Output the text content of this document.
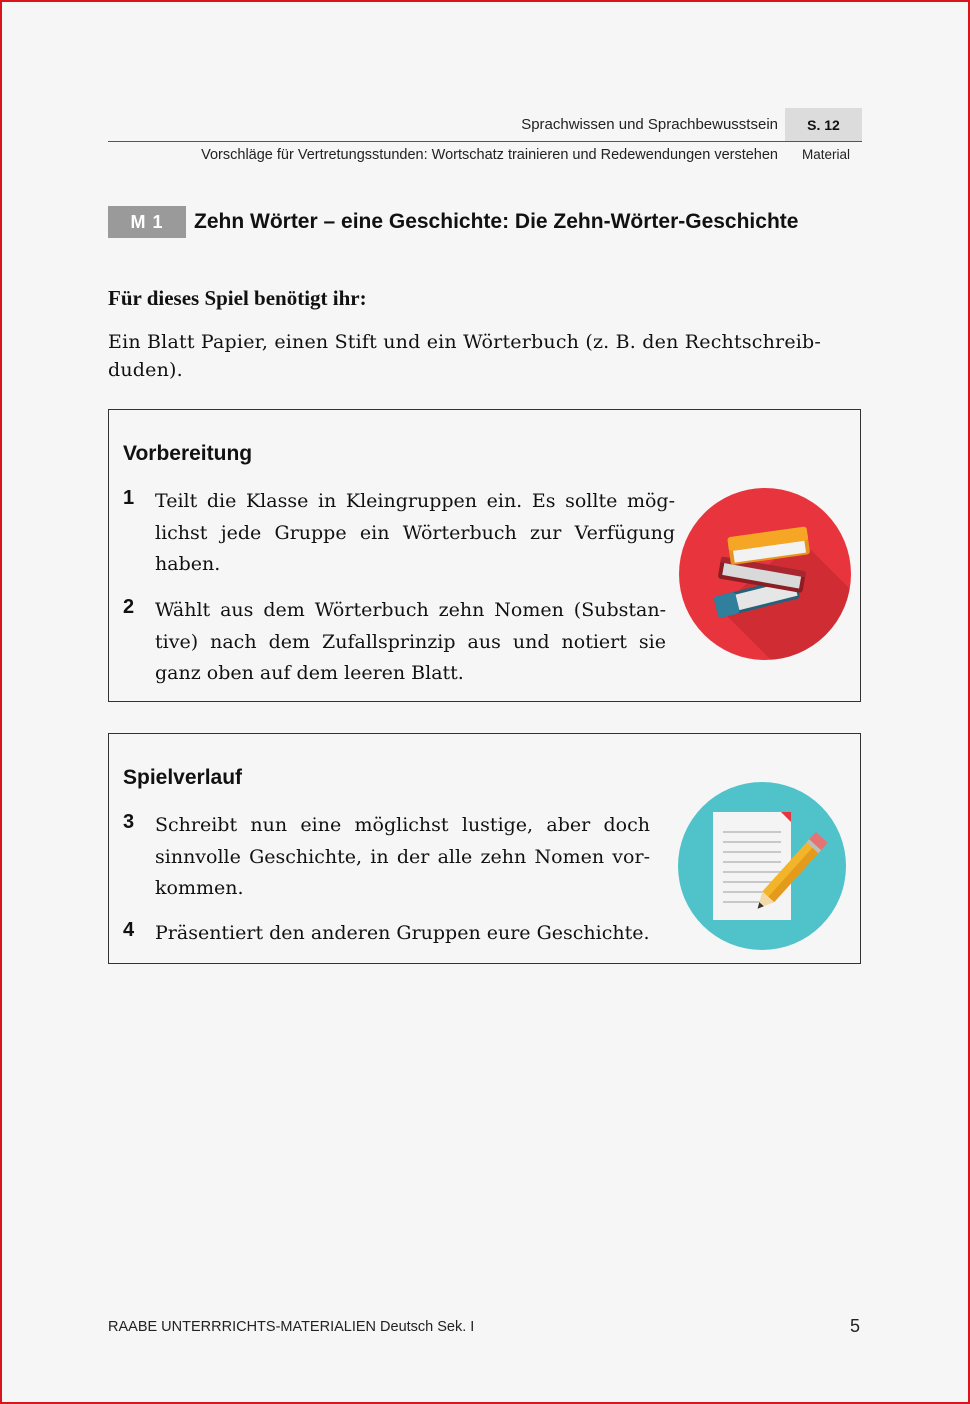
Sprachwissen und Sprachbewusstsein	S. 12
Vorschläge für Vertretungsstunden: Wortschatz trainieren und Redewendungen verstehen Material
M 1	Zehn Wörter – eine Geschichte: Die Zehn-Wörter-Geschichte
Für dieses Spiel benötigt ihr:
Ein Blatt Papier, einen Stift und ein Wörterbuch (z. B. den Rechtschreib-duden).
Vorbereitung
1	Teilt die Klasse in Kleingruppen ein. Es sollte mög-lichst jede Gruppe ein Wörterbuch zur Verfügung haben.
2	Wählt aus dem Wörterbuch zehn Nomen (Substan-tive) nach dem Zufallsprinzip aus und notiert sie ganz oben auf dem leeren Blatt.
Spielverlauf
3	Schreibt nun eine möglichst lustige, aber doch sinnvolle Geschichte, in der alle zehn Nomen vor-kommen.
4	Präsentiert den anderen Gruppen eure Geschichte.
RAABE UNTERRRICHTS-MATERIALIEN Deutsch Sek. I	5
